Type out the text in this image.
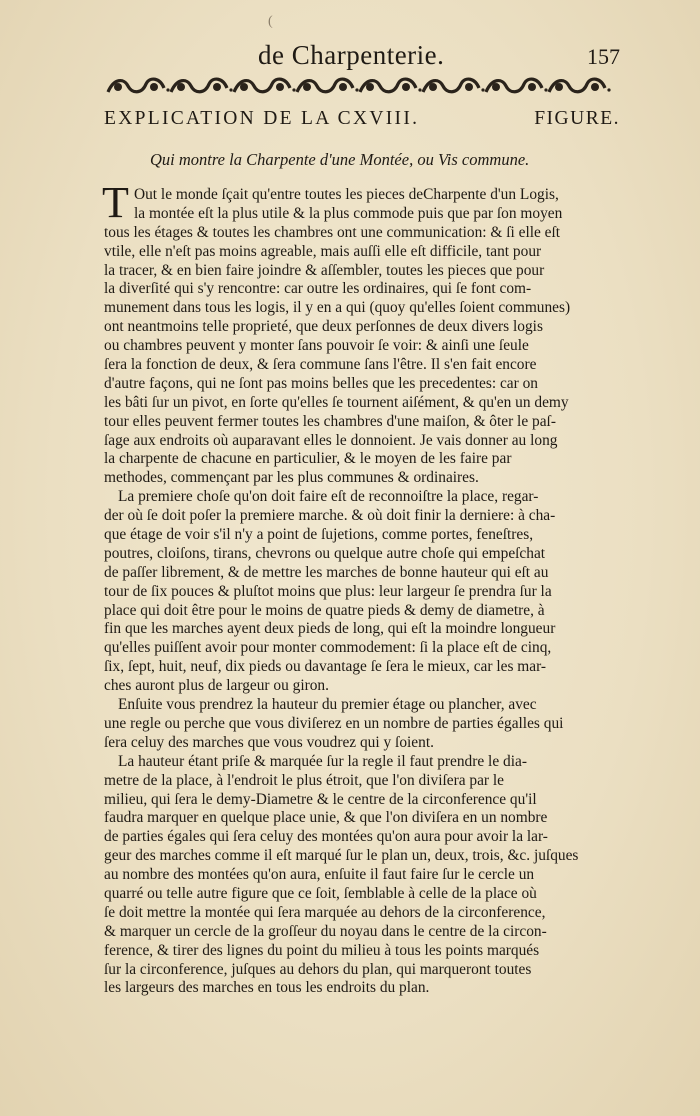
(
de Charpenterie.	157
EXPLICATION DE LA CXVIII.	FIGURE.
Qui montre la Charpente d'une Montée, ou Vis commune.
Out le monde ſçait qu'entre toutes les pieces deCharpente d'un Logis,
la montée eſt la plus utile & la plus commode puis que par ſon moyen
tous les étages & toutes les chambres ont une communication: & ſi elle eſt
vtile, elle n'eſt pas moins agreable, mais auſſi elle eſt difficile, tant pour
la tracer, & en bien faire joindre & aſſembler, toutes les pieces que pour
la diverſité qui s'y rencontre: car outre les ordinaires, qui ſe font com-
munement dans tous les logis, il y en a qui (quoy qu'elles ſoient communes)
ont neantmoins telle proprieté, que deux perſonnes de deux divers logis
ou chambres peuvent y monter ſans pouvoir ſe voir: & ainſi une ſeule
ſera la fonction de deux, & ſera commune ſans l'être. Il s'en fait encore
d'autre façons, qui ne ſont pas moins belles que les precedentes: car on
les bâti ſur un pivot, en ſorte qu'elles ſe tournent aiſément, & qu'en un demy
tour elles peuvent fermer toutes les chambres d'une maiſon, & ôter le paſ-
ſage aux endroits où auparavant elles le donnoient. Je vais donner au long
la charpente de chacune en particulier, & le moyen de les faire par
methodes, commençant par les plus communes & ordinaires.
La premiere choſe qu'on doit faire eſt de reconnoiſtre la place, regar-
der où ſe doit poſer la premiere marche. & où doit finir la derniere: à cha-
que étage de voir s'il n'y a point de ſujetions, comme portes, feneſtres,
poutres, cloiſons, tirans, chevrons ou quelque autre choſe qui empeſchat
de paſſer librement, & de mettre les marches de bonne hauteur qui eſt au
tour de ſix pouces & pluſtot moins que plus: leur largeur ſe prendra ſur la
place qui doit être pour le moins de quatre pieds & demy de diametre, à
fin que les marches ayent deux pieds de long, qui eſt la moindre longueur
qu'elles puiſſent avoir pour monter commodement: ſi la place eſt de cinq,
ſix, ſept, huit, neuf, dix pieds ou davantage ſe ſera le mieux, car les mar-
ches auront plus de largeur ou giron.
Enſuite vous prendrez la hauteur du premier étage ou plancher, avec
une regle ou perche que vous diviſerez en un nombre de parties égalles qui
ſera celuy des marches que vous voudrez qui y ſoient.
La hauteur étant priſe & marquée ſur la regle il faut prendre le dia-
metre de la place, à l'endroit le plus étroit, que l'on diviſera par le
milieu, qui ſera le demy-Diametre & le centre de la circonference qu'il
faudra marquer en quelque place unie, & que l'on diviſera en un nombre
de parties égales qui ſera celuy des montées qu'on aura pour avoir la lar-
geur des marches comme il eſt marqué ſur le plan un, deux, trois, &c. juſques
au nombre des montées qu'on aura, enſuite il faut faire ſur le cercle un
quarré ou telle autre figure que ce ſoit, ſemblable à celle de la place où
ſe doit mettre la montée qui ſera marquée au dehors de la circonference,
& marquer un cercle de la groſſeur du noyau dans le centre de la circon-
ference, & tirer des lignes du point du milieu à tous les points marqués
ſur la circonference, juſques au dehors du plan, qui marqueront toutes
les largeurs des marches en tous les endroits du plan.
T
